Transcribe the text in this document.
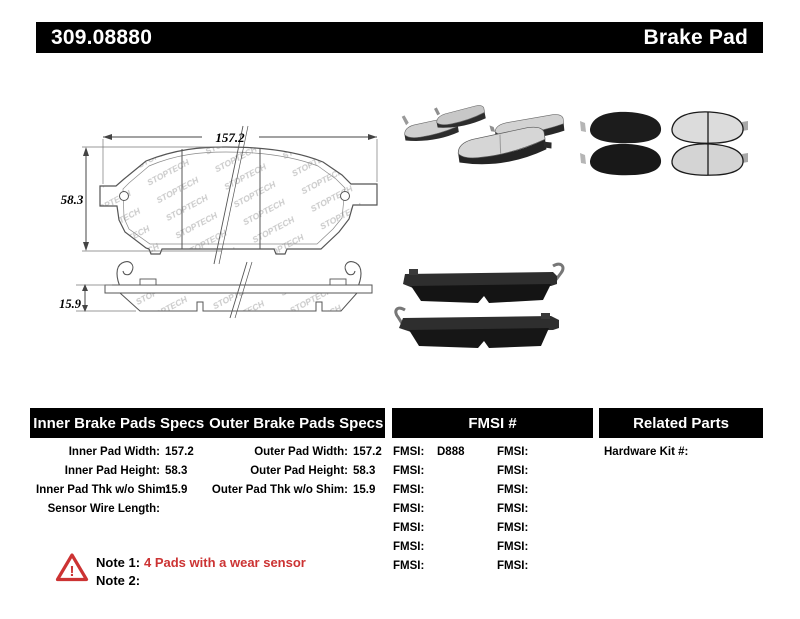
309.08880	Brake Pad
157.2
58.3
15.9
Inner Brake Pads Specs Outer Brake Pads Specs	FMSI #	Related Parts
Inner Pad Width: 157.2
Inner Pad Height: 58.3
Inner Pad Thk w/o Shim:
15.9
Sensor Wire Length:
Outer Pad Width: 157.2
Outer Pad Height: 58.3
Outer Pad Thk w/o Shim: 15.9
FMSI: D888
FMSI:
FMSI:
FMSI:
FMSI:
FMSI:
FMSI:
FMSI:
FMSI:
FMSI:
FMSI:
FMSI:
FMSI:
FMSI:
Hardware Kit #:
!
Note 1: 4 Pads with a wear sensor
Note 2:
